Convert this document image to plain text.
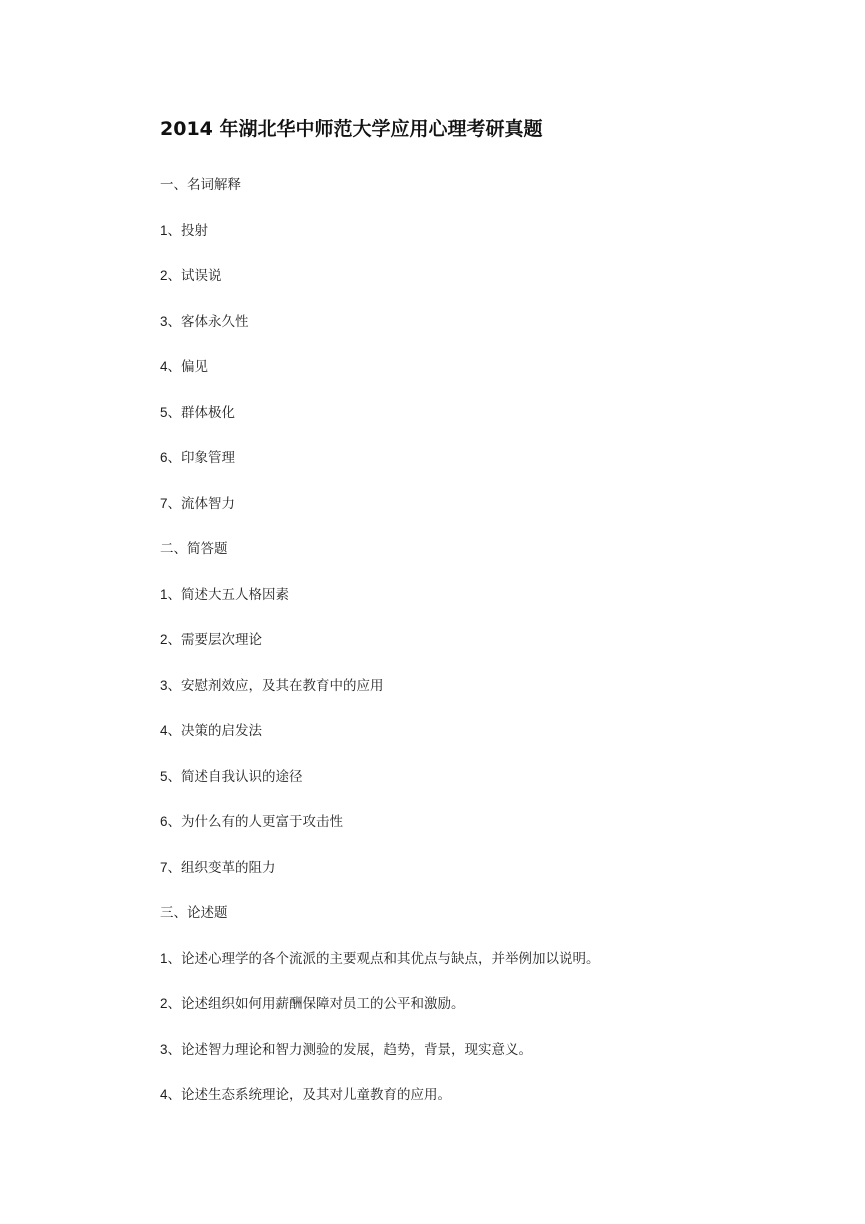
2014 年湖北华中师范大学应用心理考研真题
一、名词解释
1、投射
2、试误说
3、客体永久性
4、偏见
5、群体极化
6、印象管理
7、流体智力
二、简答题
1、简述大五人格因素
2、需要层次理论
3、安慰剂效应，及其在教育中的应用
4、决策的启发法
5、简述自我认识的途径
6、为什么有的人更富于攻击性
7、组织变革的阻力
三、论述题
1、论述心理学的各个流派的主要观点和其优点与缺点，并举例加以说明。
2、论述组织如何用薪酬保障对员工的公平和激励。
3、论述智力理论和智力测验的发展，趋势，背景，现实意义。
4、论述生态系统理论，及其对儿童教育的应用。
